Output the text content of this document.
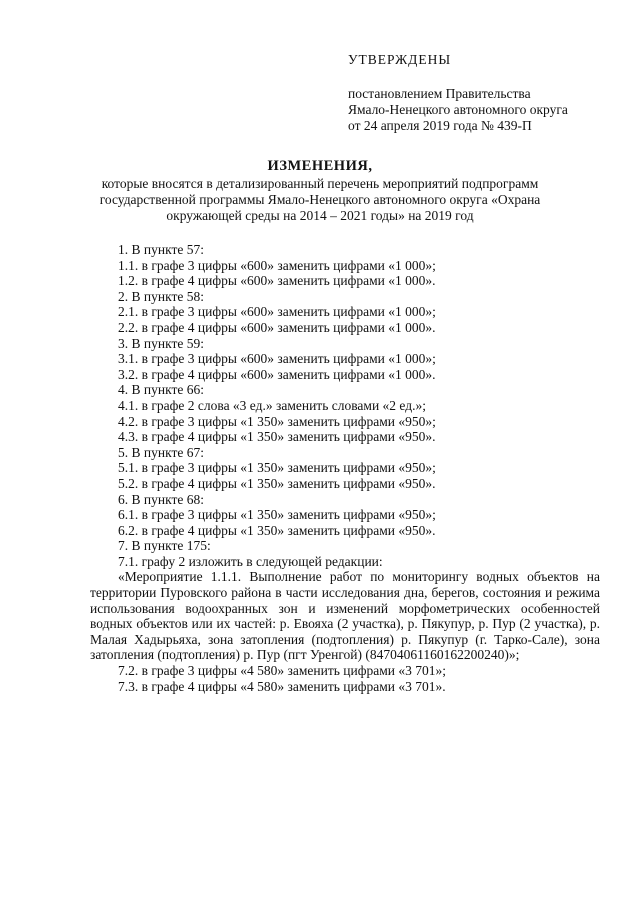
УТВЕРЖДЕНЫ
постановлением Правительства
Ямало-Ненецкого автономного округа
от 24 апреля 2019 года № 439-П
ИЗМЕНЕНИЯ,
которые вносятся в детализированный перечень мероприятий подпрограмм
государственной программы Ямало-Ненецкого автономного округа «Охрана
окружающей среды на 2014 – 2021 годы» на 2019 год
1. В пункте 57:
1.1. в графе 3 цифры «600» заменить цифрами «1 000»;
1.2. в графе 4 цифры «600» заменить цифрами «1 000».
2. В пункте 58:
2.1. в графе 3 цифры «600» заменить цифрами «1 000»;
2.2. в графе 4 цифры «600» заменить цифрами «1 000».
3. В пункте 59:
3.1. в графе 3 цифры «600» заменить цифрами «1 000»;
3.2. в графе 4 цифры «600» заменить цифрами «1 000».
4. В пункте 66:
4.1. в графе 2 слова «3 ед.» заменить словами «2 ед.»;
4.2. в графе 3 цифры «1 350» заменить цифрами «950»;
4.3. в графе 4 цифры «1 350» заменить цифрами «950».
5. В пункте 67:
5.1. в графе 3 цифры «1 350» заменить цифрами «950»;
5.2. в графе 4 цифры «1 350» заменить цифрами «950».
6. В пункте 68:
6.1. в графе 3 цифры «1 350» заменить цифрами «950»;
6.2. в графе 4 цифры «1 350» заменить цифрами «950».
7. В пункте 175:
7.1. графу 2 изложить в следующей редакции:
«Мероприятие 1.1.1. Выполнение работ по мониторингу водных объектов на территории Пуровского района в части исследования дна, берегов, состояния и режима использования водоохранных зон и изменений морфометрических особенностей водных объектов или их частей: р. Евояха (2 участка), р. Пякупур, р. Пур (2 участка), р. Малая Хадырьяха, зона затопления (подтопления) р. Пякупур (г. Тарко-Сале), зона затопления (подтопления) р. Пур (пгт Уренгой) (84704061160162200240)»;
7.2. в графе 3 цифры «4 580» заменить цифрами «3 701»;
7.3. в графе 4 цифры «4 580» заменить цифрами «3 701».
